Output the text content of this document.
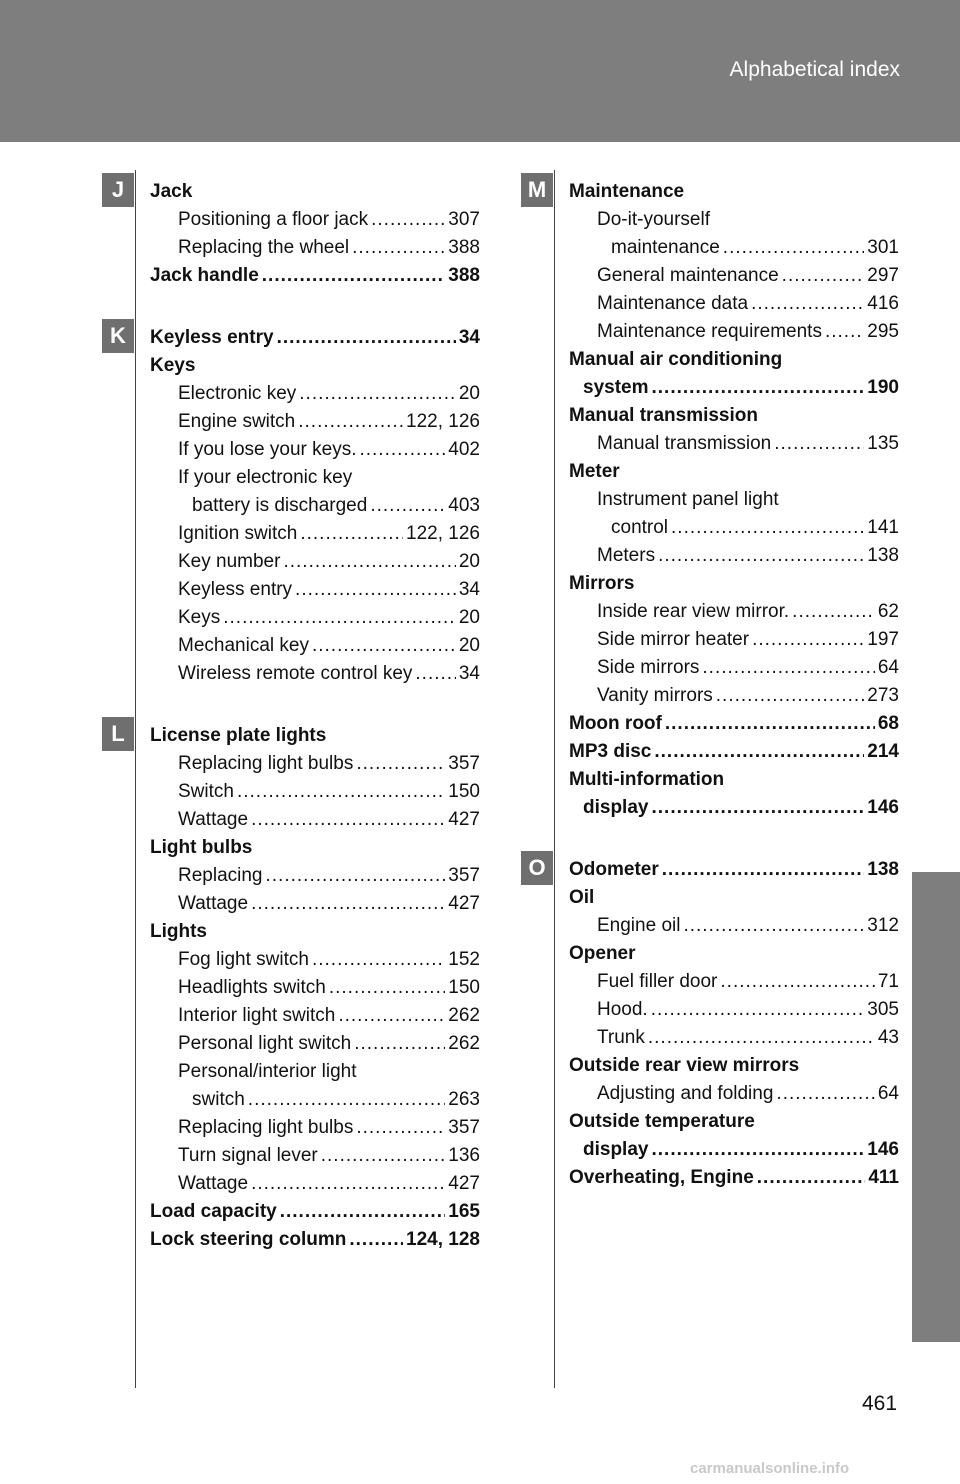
Alphabetical index
Jack
Positioning a floor jack .....	307
Replacing the wheel .....	388
Jack handle .....	388
Keyless entry .....	34
Keys
Electronic key .....	20
Engine switch .....	122, 126
If you lose your keys. .....	402
If your electronic key
battery is discharged .....	403
Ignition switch .....	122, 126
Key number .....	20
Keyless entry .....	34
Keys .....	20
Mechanical key .....	20
Wireless remote control key ..... 34
License plate lights
Replacing light bulbs .....	357
Switch .....	150
Wattage .....	427
Light bulbs
Replacing .....	357
Wattage .....	427
Lights
Fog light switch .....	152
Headlights switch .....	150
Interior light switch .....	262
Personal light switch .....	262
Personal/interior light
switch .....	263
Replacing light bulbs .....	357
Turn signal lever .....	136
Wattage .....	427
Load capacity .....	165
Lock steering column .....	124, 128
Maintenance
Do-it-yourself
maintenance .....	301
General maintenance .....	297
Maintenance data .....	416
Maintenance requirements ..... 295
Manual air conditioning
system .....	190
Manual transmission
Manual transmission .....	135
Meter
Instrument panel light
control .....	141
Meters .....	138
Mirrors
Inside rear view mirror. .....	62
Side mirror heater .....	197
Side mirrors .....	64
Vanity mirrors .....	273
Moon roof .....	68
MP3 disc .....	214
Multi-information
display .....	146
Odometer .....	138
Oil
Engine oil .....	312
Opener
Fuel filler door .....	71
Hood. .....	305
Trunk .....	43
Outside rear view mirrors
Adjusting and folding .....	64
Outside temperature
display .....	146
Overheating, Engine .....	411
461
carmanualsonline.info
J
K
L
M
O
